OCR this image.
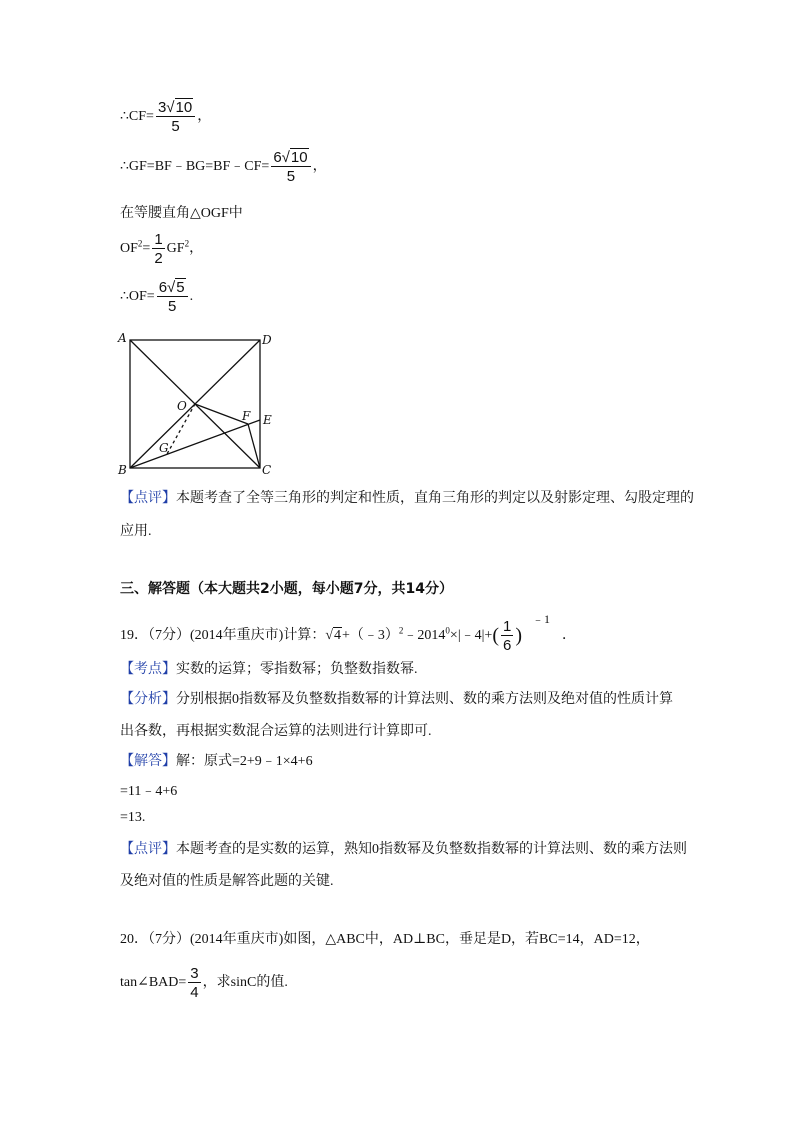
∴CF= $\frac{3√10}{5}$ ，
∴GF=BF﹣BG=BF﹣CF= $\frac{6√10}{5}$ ，
在等腰直角△OGF中
$OF^2= \frac{1}{2} GF^2$，
∴OF= $\frac{6√5}{5}$ .
A	D
B	C
O
F E
G
【点评】本题考查了全等三角形的判定和性质，直角三角形的判定以及射影定理、勾股定理的
应用.
三、解答题（本大题共2小题，每小题7分，共14分）
19．（7分）(2014年重庆市)计算：$√4+(﹣3)^2﹣2014^0\times|﹣4|+( \frac{1}{6} )^{﹣1}$．
【考点】实数的运算；零指数幂；负整数指数幂.
【分析】分别根据0指数幂及负整数指数幂的计算法则、数的乘方法则及绝对值的性质计算
出各数，再根据实数混合运算的法则进行计算即可.
【解答】解：原式=2+9﹣1×4+6
=11﹣4+6
=13.
【点评】本题考查的是实数的运算，熟知0指数幂及负整数指数幂的计算法则、数的乘方法则
及绝对值的性质是解答此题的关键.
20．（7分）(2014年重庆市)如图，△ABC中，AD⊥BC，垂足是D，若BC=14，AD=12，
tan∠BAD= $\frac{3}{4}$ ，求sinC的值.
